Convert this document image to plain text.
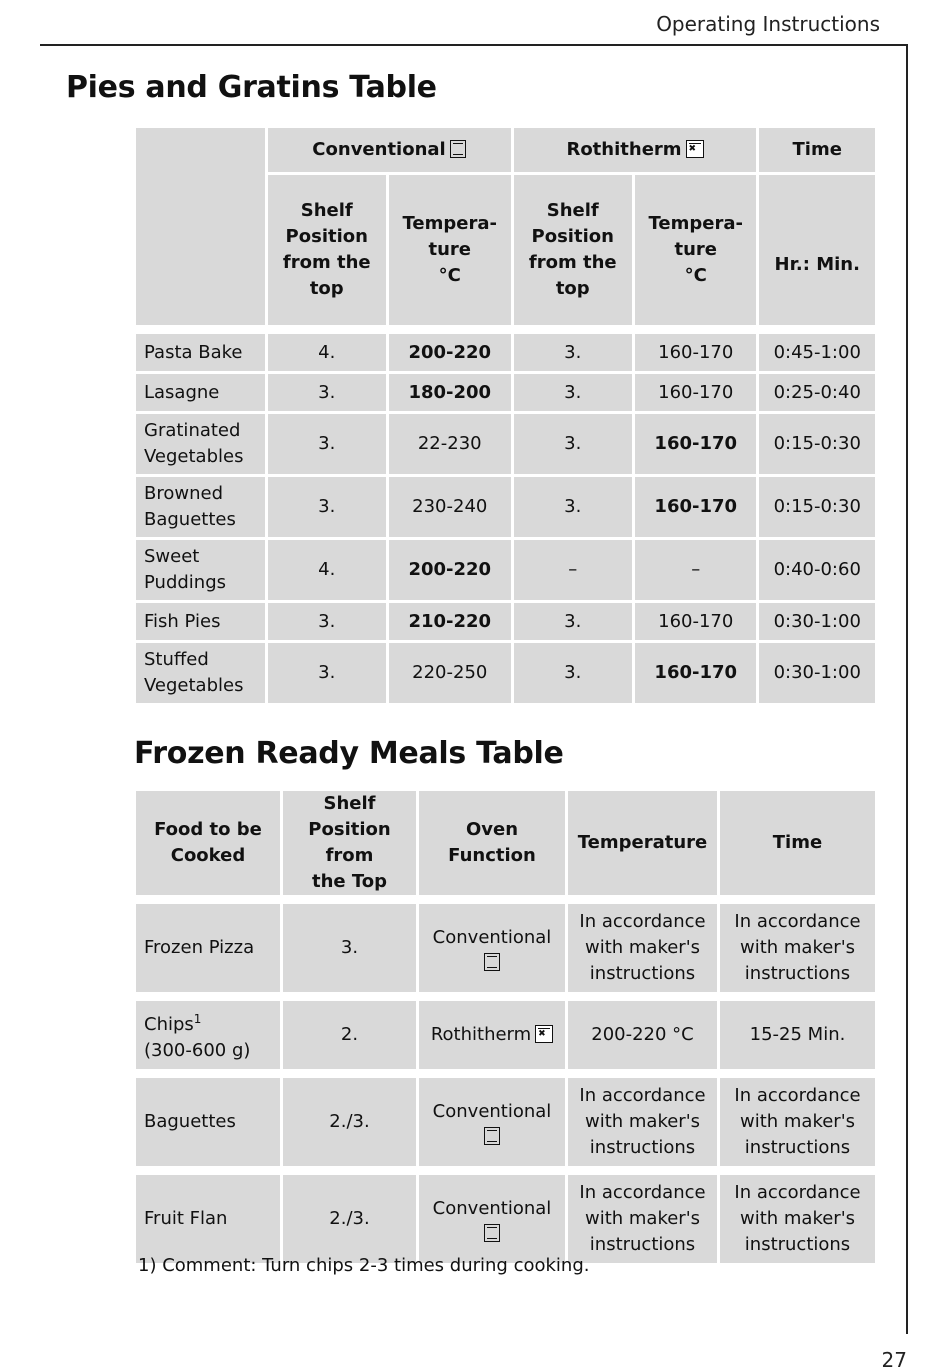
Operating Instructions
Pies and Gratins Table
	Conventional		Rothitherm✖		Time
	Shelf
Position
from the
top	Tempera-
ture
°C	Shelf
Position
from the
top	Tempera-
ture
°C	Hr.: Min.

Pasta Bake	4.	200-220	3.	160-170	0:45-1:00
Lasagne	3.	180-200	3.	160-170	0:25-0:40
Gratinated
Vegetables	3.	22-230	3.	160-170	0:15-0:30
Browned
Baguettes	3.	230-240	3.	160-170	0:15-0:30
Sweet
Puddings	4.	200-220	–	–	0:40-0:60
Fish Pies	3.	210-220	3.	160-170	0:30-1:00
Stuffed
Vegetables	3.	220-250	3.	160-170	0:30-1:00
Frozen Ready Meals Table
Food to be
Cooked	Shelf
Position from
the Top	Oven Function	Temperature	Time

Frozen Pizza	3.	Conventional	In accordance
with maker's
instructions	In accordance
with maker's
instructions

Chips$^1$
(300-600 g)	2.	Rothitherm✖	200-220 °C	15-25 Min.

Baguettes	2./3.	Conventional	In accordance
with maker's
instructions	In accordance
with maker's
instructions

Fruit Flan	2./3.	Conventional	In accordance
with maker's
instructions	In accordance
with maker's
instructions
1) Comment: Turn chips 2-3 times during cooking.
27
